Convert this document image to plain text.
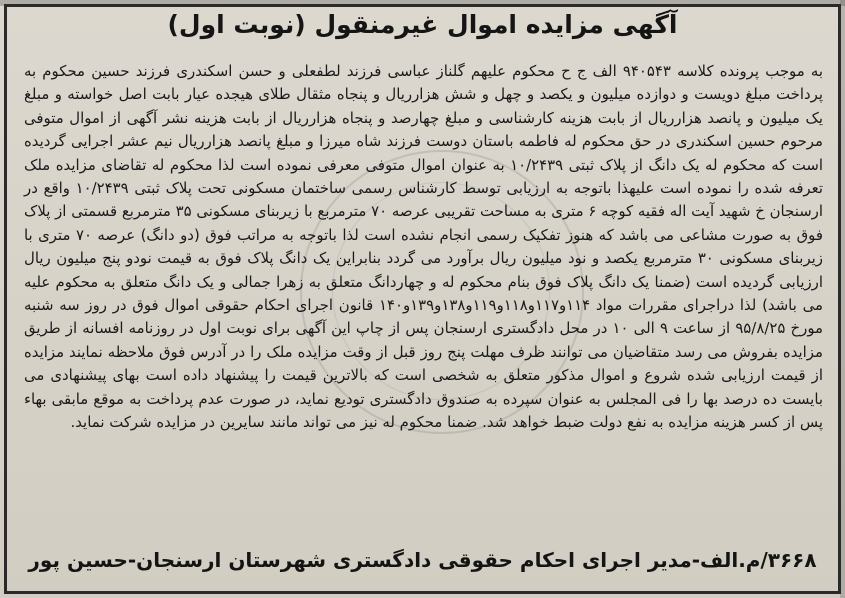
آگهی مزایده اموال غیرمنقول (نوبت اول)
به موجب پرونده کلاسه ۹۴۰۵۴۳ الف ج ح محکوم علیهم گلناز عباسی فرزند لطفعلی و حسن اسکندری فرزند حسین محکوم به پرداخت مبلغ دویست و دوازده میلیون و یکصد و چهل و شش هزارریال و پنجاه مثقال طلای هیجده عیار بابت اصل خواسته و مبلغ یک میلیون و پانصد هزارریال از بابت هزینه کارشناسی و مبلغ چهارصد و پنجاه هزارریال از بابت هزینه نشر آگهی از اموال متوفی مرحوم حسین اسکندری در حق محکوم له فاطمه باستان دوست فرزند شاه میرزا و مبلغ پانصد هزارریال نیم عشر اجرایی گردیده است که محکوم له یک دانگ از پلاک ثبتی ۱۰/۲۴۳۹ به عنوان اموال متوفی معرفی نموده است لذا محکوم له تقاضای مزایده ملک تعرفه شده را نموده است علیهذا باتوجه به ارزیابی توسط کارشناس رسمی ساختمان مسکونی تحت پلاک ثبتی ۱۰/۲۴۳۹ واقع در ارسنجان خ شهید آیت اله فقیه کوچه ۶ متری به مساحت تقریبی عرصه ۷۰ مترمربع با زیربنای مسکونی ۳۵ مترمربع قسمتی از پلاک فوق به صورت مشاعی می باشد که هنوز تفکیک رسمی انجام نشده است لذا باتوجه به مراتب فوق (دو دانگ) عرصه ۷۰ متری با زیربنای مسکونی ۳۰ مترمربع یکصد و نود میلیون ریال برآورد می گردد بنابراین یک دانگ پلاک فوق به قیمت نودو پنج میلیون ریال ارزیابی گردیده است (ضمنا یک دانگ پلاک فوق بنام محکوم له و چهاردانگ متعلق به زهرا جمالی و یک دانگ متعلق به محکوم علیه می باشد) لذا دراجرای مقررات مواد ۱۱۴و۱۱۷و۱۱۸و۱۱۹و۱۳۸و۱۳۹و۱۴۰ قانون اجرای احکام حقوقی اموال فوق در روز سه شنبه مورخ ۹۵/۸/۲۵ از ساعت ۹ الی ۱۰ در محل دادگستری ارسنجان پس از چاپ این آگهی برای نوبت اول در روزنامه افسانه از طریق مزایده بفروش می رسد متقاضیان می توانند ظرف مهلت پنج روز قبل از وقت مزایده ملک را در آدرس فوق ملاحظه نمایند مزایده از قیمت ارزیابی شده شروع و اموال مذکور متعلق به شخصی است که بالاترین قیمت را پیشنهاد داده است بهای پیشنهادی می بایست ده درصد بها را فی المجلس به عنوان سپرده به صندوق دادگستری تودیع نماید، در صورت عدم پرداخت به موقع مابقی بهاء پس از کسر هزینه مزایده به نفع دولت ضبط خواهد شد. ضمنا محکوم له نیز می تواند مانند سایرین در مزایده شرکت نماید.
۳۶۶۸/م.الف-مدیر اجرای احکام حقوقی دادگستری شهرستان ارسنجان-حسین پور
